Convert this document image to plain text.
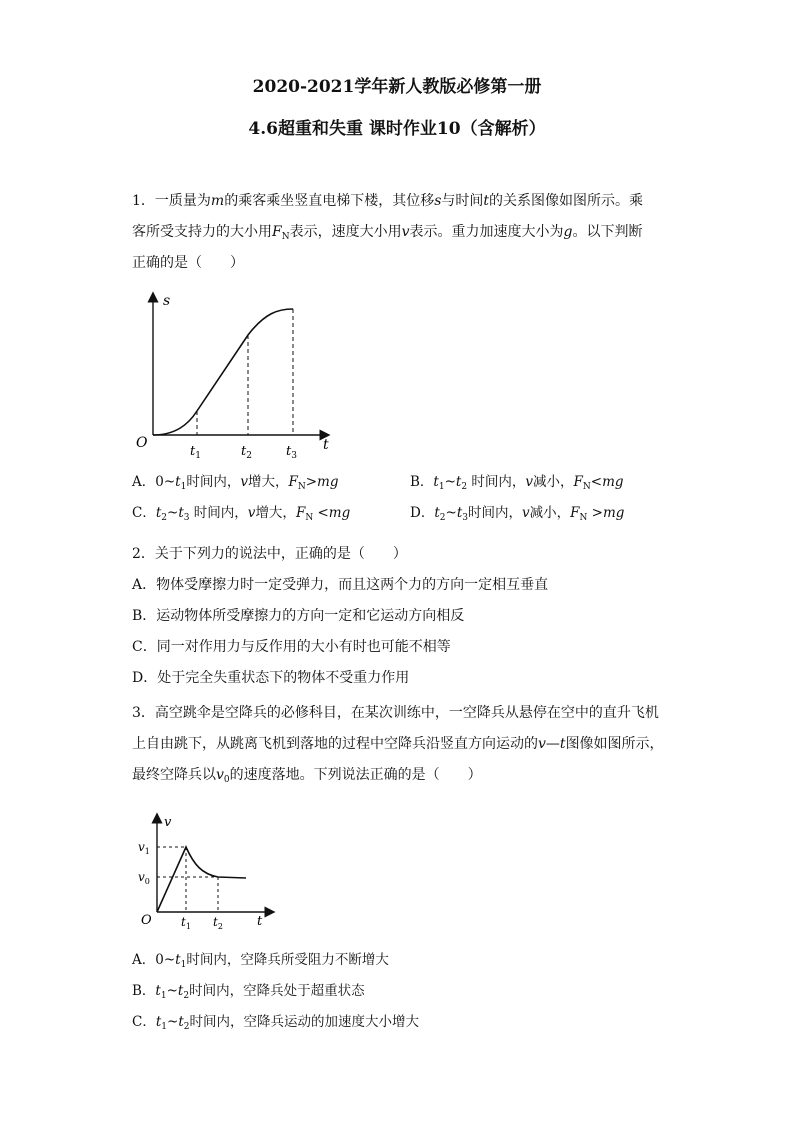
2020-2021学年新人教版必修第一册
4.6超重和失重 课时作业10（含解析）
1．一质量为m的乘客乘坐竖直电梯下楼，其位移s与时间t的关系图像如图所示。乘
客所受支持力的大小用$F_N$表示，速度大小用v表示。重力加速度大小为g。以下判断
正确的是（　　）
s
t
O
$t_1$	$t_2$	$t_3$
A．$0\sim t_1$时间内，v增大，$F_N>mg$	B．$t_1\sim t_2$ 时间内，v减小，$F_N<mg$
C．$t_2\sim t_3$ 时间内，v增大，$F_N <mg$	D．$t_2\sim t_3$时间内，v减小，$F_N >mg$
2．关于下列力的说法中，正确的是（　　）
A．物体受摩擦力时一定受弹力，而且这两个力的方向一定相互垂直
B．运动物体所受摩擦力的方向一定和它运动方向相反
C．同一对作用力与反作用的大小有时也可能不相等
D．处于完全失重状态下的物体不受重力作用
3．高空跳伞是空降兵的必修科目，在某次训练中，一空降兵从悬停在空中的直升飞机
上自由跳下，从跳离飞机到落地的过程中空降兵沿竖直方向运动的v—t图像如图所示，
最终空降兵以$v_0$的速度落地。下列说法正确的是（　　）
v
t
O
$v_1$
$v_0$
$t_1$ $t_2$
A．$0\sim t_1$时间内，空降兵所受阻力不断增大
B．$t_1\sim t_2$时间内，空降兵处于超重状态
C．$t_1\sim t_2$时间内，空降兵运动的加速度大小增大
